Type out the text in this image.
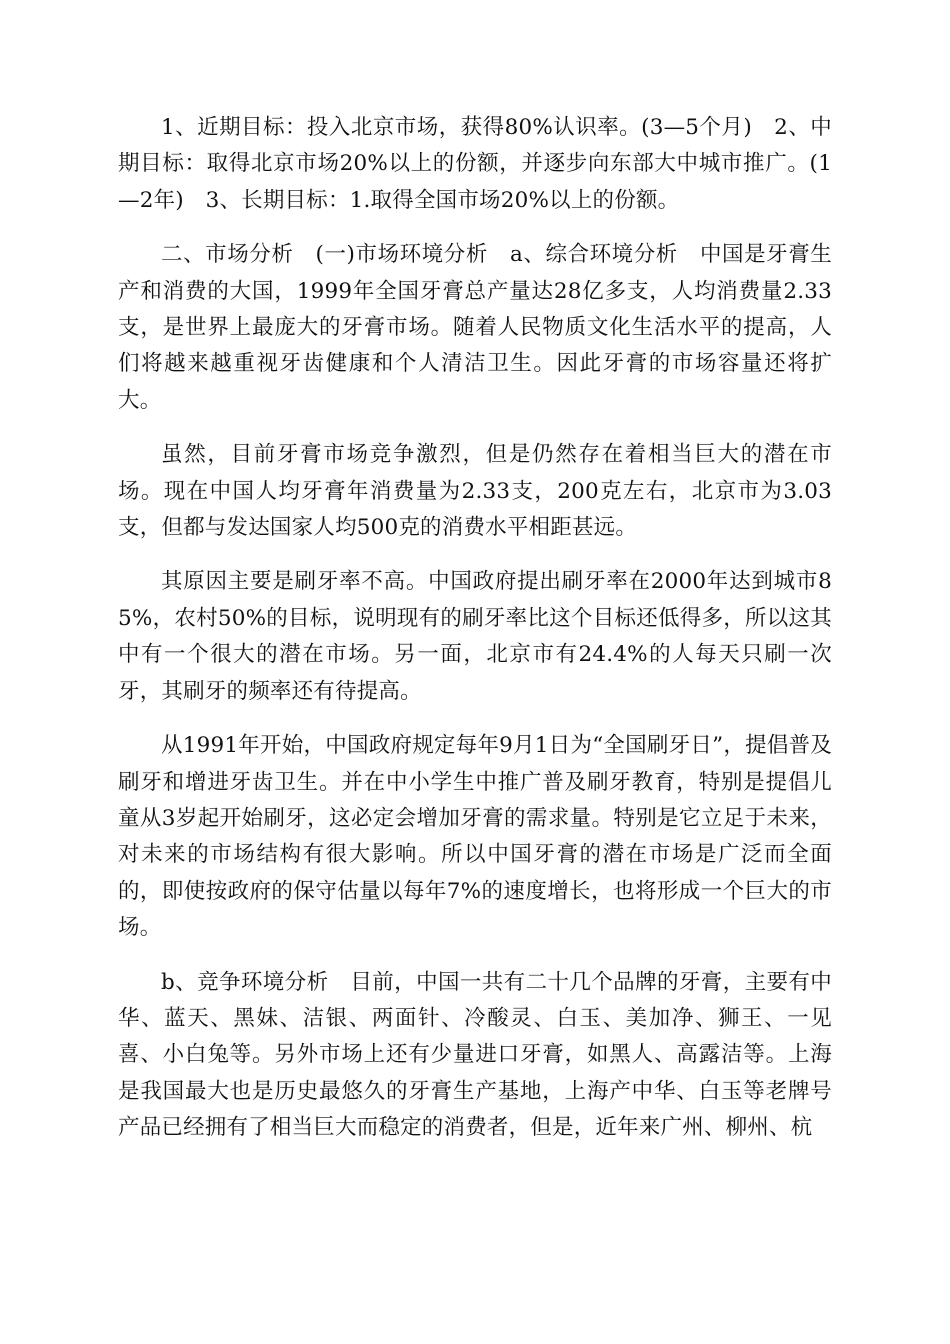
1、近期目标：投入北京市场，获得80%认识率。(3—5个月)　2、中期目标：取得北京市场20%以上的份额，并逐步向东部大中城市推广。(1—2年)　3、长期目标：1.取得全国市场20%以上的份额。

二、市场分析　(一)市场环境分析　a、综合环境分析　中国是牙膏生产和消费的大国，1999年全国牙膏总产量达28亿多支，人均消费量2.33支，是世界上最庞大的牙膏市场。随着人民物质文化生活水平的提高，人们将越来越重视牙齿健康和个人清洁卫生。因此牙膏的市场容量还将扩大。

虽然，目前牙膏市场竞争激烈，但是仍然存在着相当巨大的潜在市场。现在中国人均牙膏年消费量为2.33支，200克左右，北京市为3.03支，但都与发达国家人均500克的消费水平相距甚远。

其原因主要是刷牙率不高。中国政府提出刷牙率在2000年达到城市85%，农村50%的目标，说明现有的刷牙率比这个目标还低得多，所以这其中有一个很大的潜在市场。另一面，北京市有24.4%的人每天只刷一次牙，其刷牙的频率还有待提高。

从1991年开始，中国政府规定每年9月1日为“全国刷牙日”，提倡普及刷牙和增进牙齿卫生。并在中小学生中推广普及刷牙教育，特别是提倡儿童从3岁起开始刷牙，这必定会增加牙膏的需求量。特别是它立足于未来，对未来的市场结构有很大影响。所以中国牙膏的潜在市场是广泛而全面的，即使按政府的保守估量以每年7%的速度增长，也将形成一个巨大的市场。

b、竞争环境分析　目前，中国一共有二十几个品牌的牙膏，主要有中华、蓝天、黑妹、洁银、两面针、冷酸灵、白玉、美加净、狮王、一见喜、小白兔等。另外市场上还有少量进口牙膏，如黑人、高露洁等。上海是我国最大也是历史最悠久的牙膏生产基地，上海产中华、白玉等老牌号产品已经拥有了相当巨大而稳定的消费者，但是，近年来广州、柳州、杭
